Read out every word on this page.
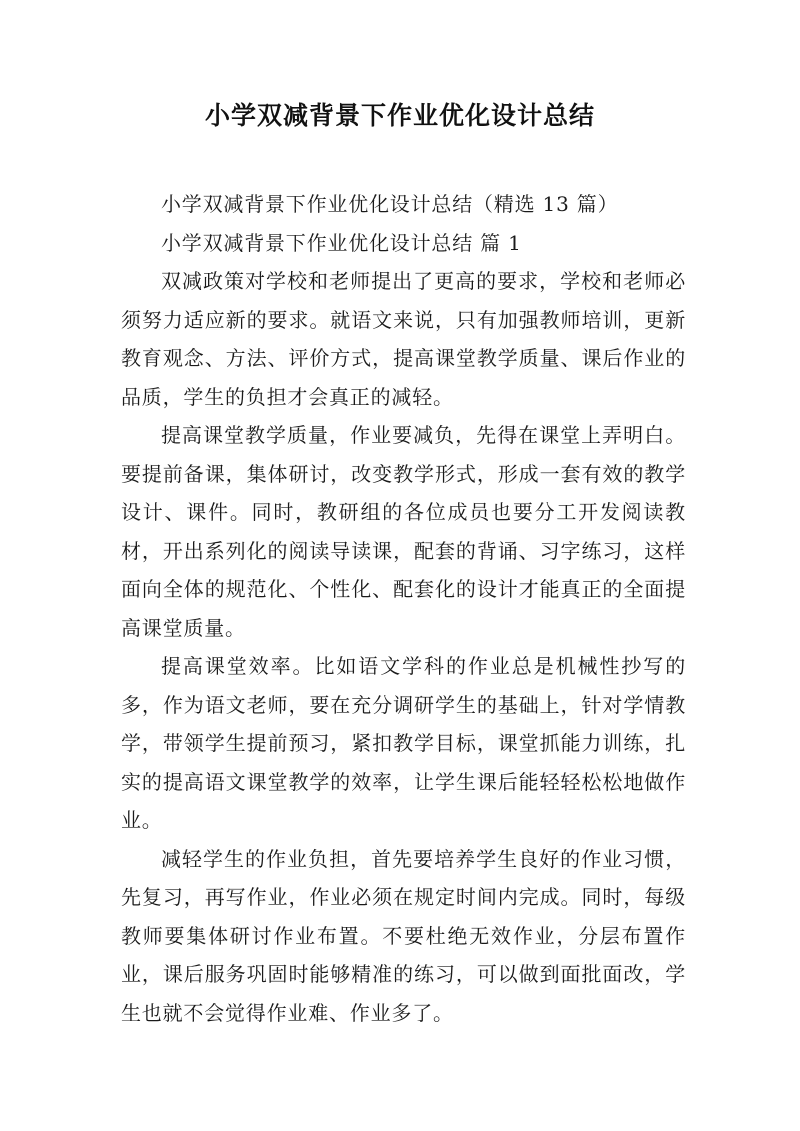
小学双减背景下作业优化设计总结

小学双减背景下作业优化设计总结（精选 13 篇）

小学双减背景下作业优化设计总结 篇 1

双减政策对学校和老师提出了更高的要求，学校和老师必须努力适应新的要求。就语文来说，只有加强教师培训，更新教育观念、方法、评价方式，提高课堂教学质量、课后作业的品质，学生的负担才会真正的减轻。

提高课堂教学质量，作业要减负，先得在课堂上弄明白。要提前备课，集体研讨，改变教学形式，形成一套有效的教学设计、课件。同时，教研组的各位成员也要分工开发阅读教材，开出系列化的阅读导读课，配套的背诵、习字练习，这样面向全体的规范化、个性化、配套化的设计才能真正的全面提高课堂质量。

提高课堂效率。比如语文学科的作业总是机械性抄写的多，作为语文老师，要在充分调研学生的基础上，针对学情教学，带领学生提前预习，紧扣教学目标，课堂抓能力训练，扎实的提高语文课堂教学的效率，让学生课后能轻轻松松地做作业。

减轻学生的作业负担，首先要培养学生良好的作业习惯，先复习，再写作业，作业必须在规定时间内完成。同时，每级教师要集体研讨作业布置。不要杜绝无效作业，分层布置作业，课后服务巩固时能够精准的练习，可以做到面批面改，学生也就不会觉得作业难、作业多了。
